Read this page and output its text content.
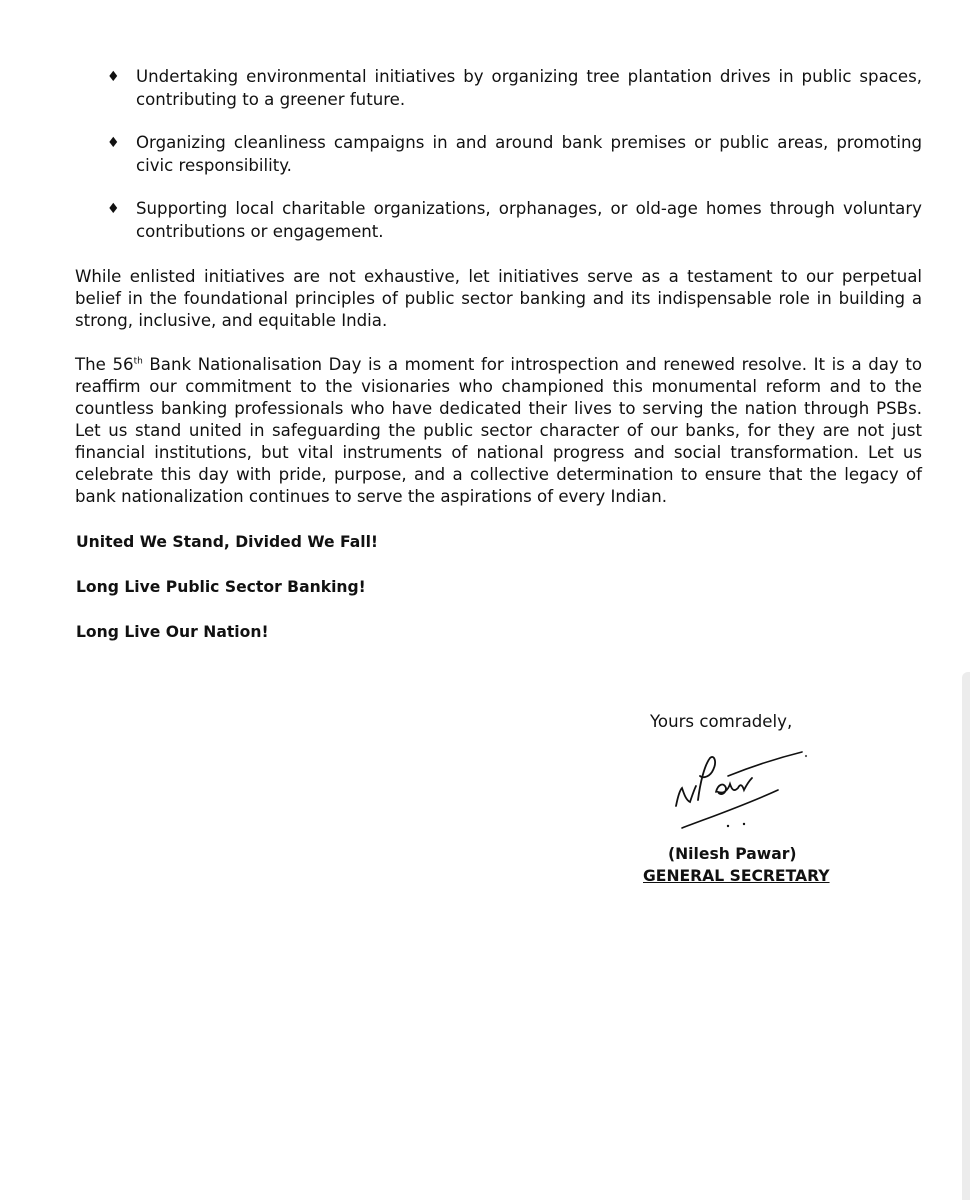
♦ Undertaking environmental initiatives by organizing tree plantation drives in public spaces, contributing to a greener future.
♦ Organizing cleanliness campaigns in and around bank premises or public areas, promoting civic responsibility.
♦ Supporting local charitable organizations, orphanages, or old-age homes through voluntary contributions or engagement.

While enlisted initiatives are not exhaustive, let initiatives serve as a testament to our perpetual belief in the foundational principles of public sector banking and its indispensable role in building a strong, inclusive, and equitable India.

The 56th Bank Nationalisation Day is a moment for introspection and renewed resolve. It is a day to reaffirm our commitment to the visionaries who championed this monumental reform and to the countless banking professionals who have dedicated their lives to serving the nation through PSBs. Let us stand united in safeguarding the public sector character of our banks, for they are not just financial institutions, but vital instruments of national progress and social transformation. Let us celebrate this day with pride, purpose, and a collective determination to ensure that the legacy of bank nationalization continues to serve the aspirations of every Indian.

United We Stand, Divided We Fall!

Long Live Public Sector Banking!

Long Live Our Nation!

Yours comradely,
(Nilesh Pawar)
GENERAL SECRETARY
